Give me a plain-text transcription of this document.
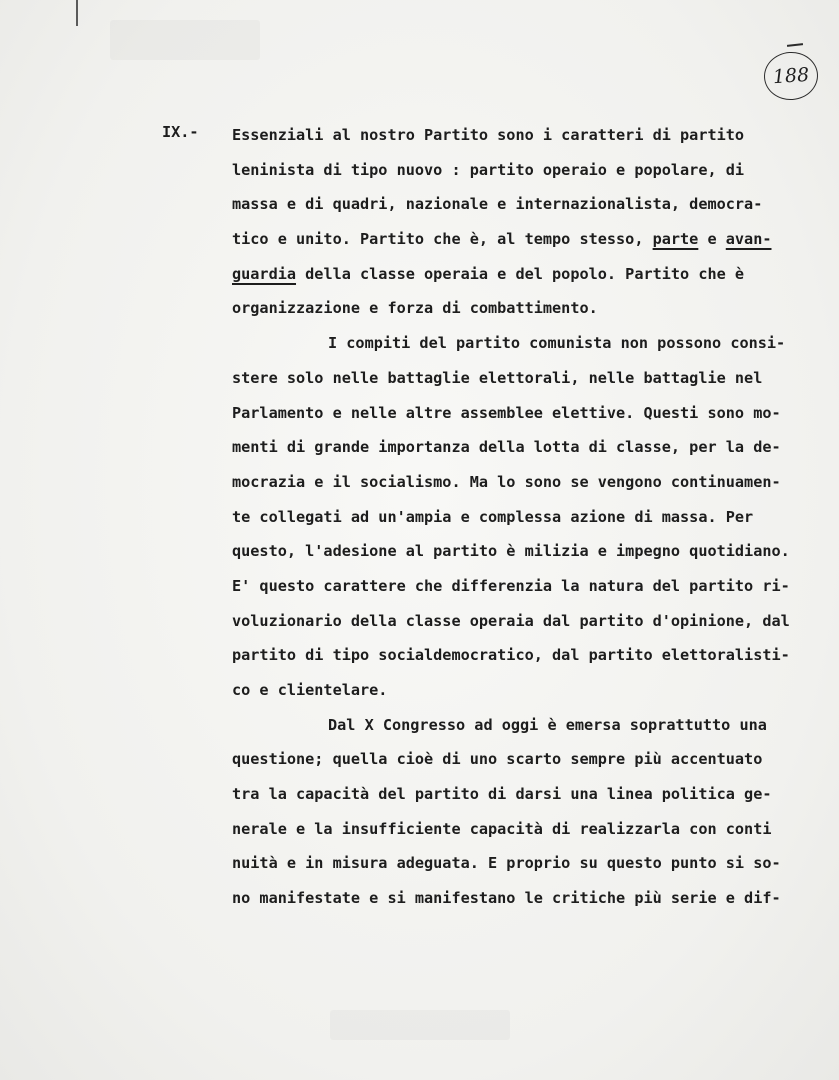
188
IX.- Essenziali al nostro Partito sono i caratteri di partito
leninista di tipo nuovo : partito operaio e popolare, di
massa e di quadri, nazionale e internazionalista, democra-
tico e unito. Partito che è, al tempo stesso, parte e avan-
guardia della classe operaia e del popolo. Partito che è
organizzazione e forza di combattimento.
I compiti del partito comunista non possono consi-
stere solo nelle battaglie elettorali, nelle battaglie nel
Parlamento e nelle altre assemblee elettive. Questi sono mo-
menti di grande importanza della lotta di classe, per la de-
mocrazia e il socialismo. Ma lo sono se vengono continuamen-
te collegati ad un'ampia e complessa azione di massa. Per
questo, l'adesione al partito è milizia e impegno quotidiano.
E' questo carattere che differenzia la natura del partito ri-
voluzionario della classe operaia dal partito d'opinione, dal
partito di tipo socialdemocratico, dal partito elettoralisti-
co e clientelare.
Dal X Congresso ad oggi è emersa soprattutto una
questione; quella cioè di uno scarto sempre più accentuato
tra la capacità del partito di darsi una linea politica ge-
nerale e la insufficiente capacità di realizzarla con conti
nuità e in misura adeguata. E proprio su questo punto si so-
no manifestate e si manifestano le critiche più serie e dif-
